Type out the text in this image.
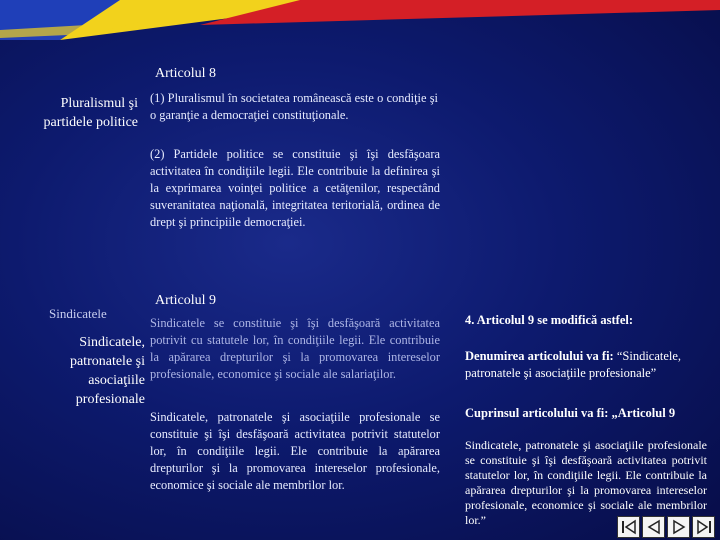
Articolul 8
Pluralismul şi
partidele politice
(1) Pluralismul în societatea românească este o condiţie şi o garanţie a democraţiei constituţionale.
(2) Partidele politice se constituie şi îşi desfăşoara activitatea în condiţiile legii. Ele contribuie la definirea şi la exprimarea voinţei politice a cetăţenilor, respectând suveranitatea naţională, integritatea teritorială, ordinea de drept şi principiile democraţiei.
Sindicatele
Articolul 9
Sindicatele,
patronatele şi
asociaţiile
profesionale
Sindicatele se constituie şi îşi desfăşoară activitatea potrivit cu statutele lor, în condiţiile legii. Ele contribuie la apărarea drepturilor şi la promovarea intereselor profesionale, economice şi sociale ale salariaţilor.
Sindicatele, patronatele şi asociaţiile profesionale se constituie şi îşi desfăşoară activitatea potrivit statutelor lor, în condiţiile legii. Ele contribuie la apărarea drepturilor şi la promovarea intereselor profesionale, economice şi sociale ale membrilor lor.
4. Articolul 9 se modifică astfel:
Denumirea articolului va fi: “Sindicatele, patronatele şi asociaţiile profesionale”
Cuprinsul articolului va fi: „Articolul 9
Sindicatele, patronatele şi asociaţiile profesionale se constituie şi îşi desfăşoară activitatea potrivit statutelor lor, în condiţiile legii. Ele contribuie la apărarea drepturilor şi la promovarea intereselor profesionale, economice şi sociale ale membrilor lor.”
